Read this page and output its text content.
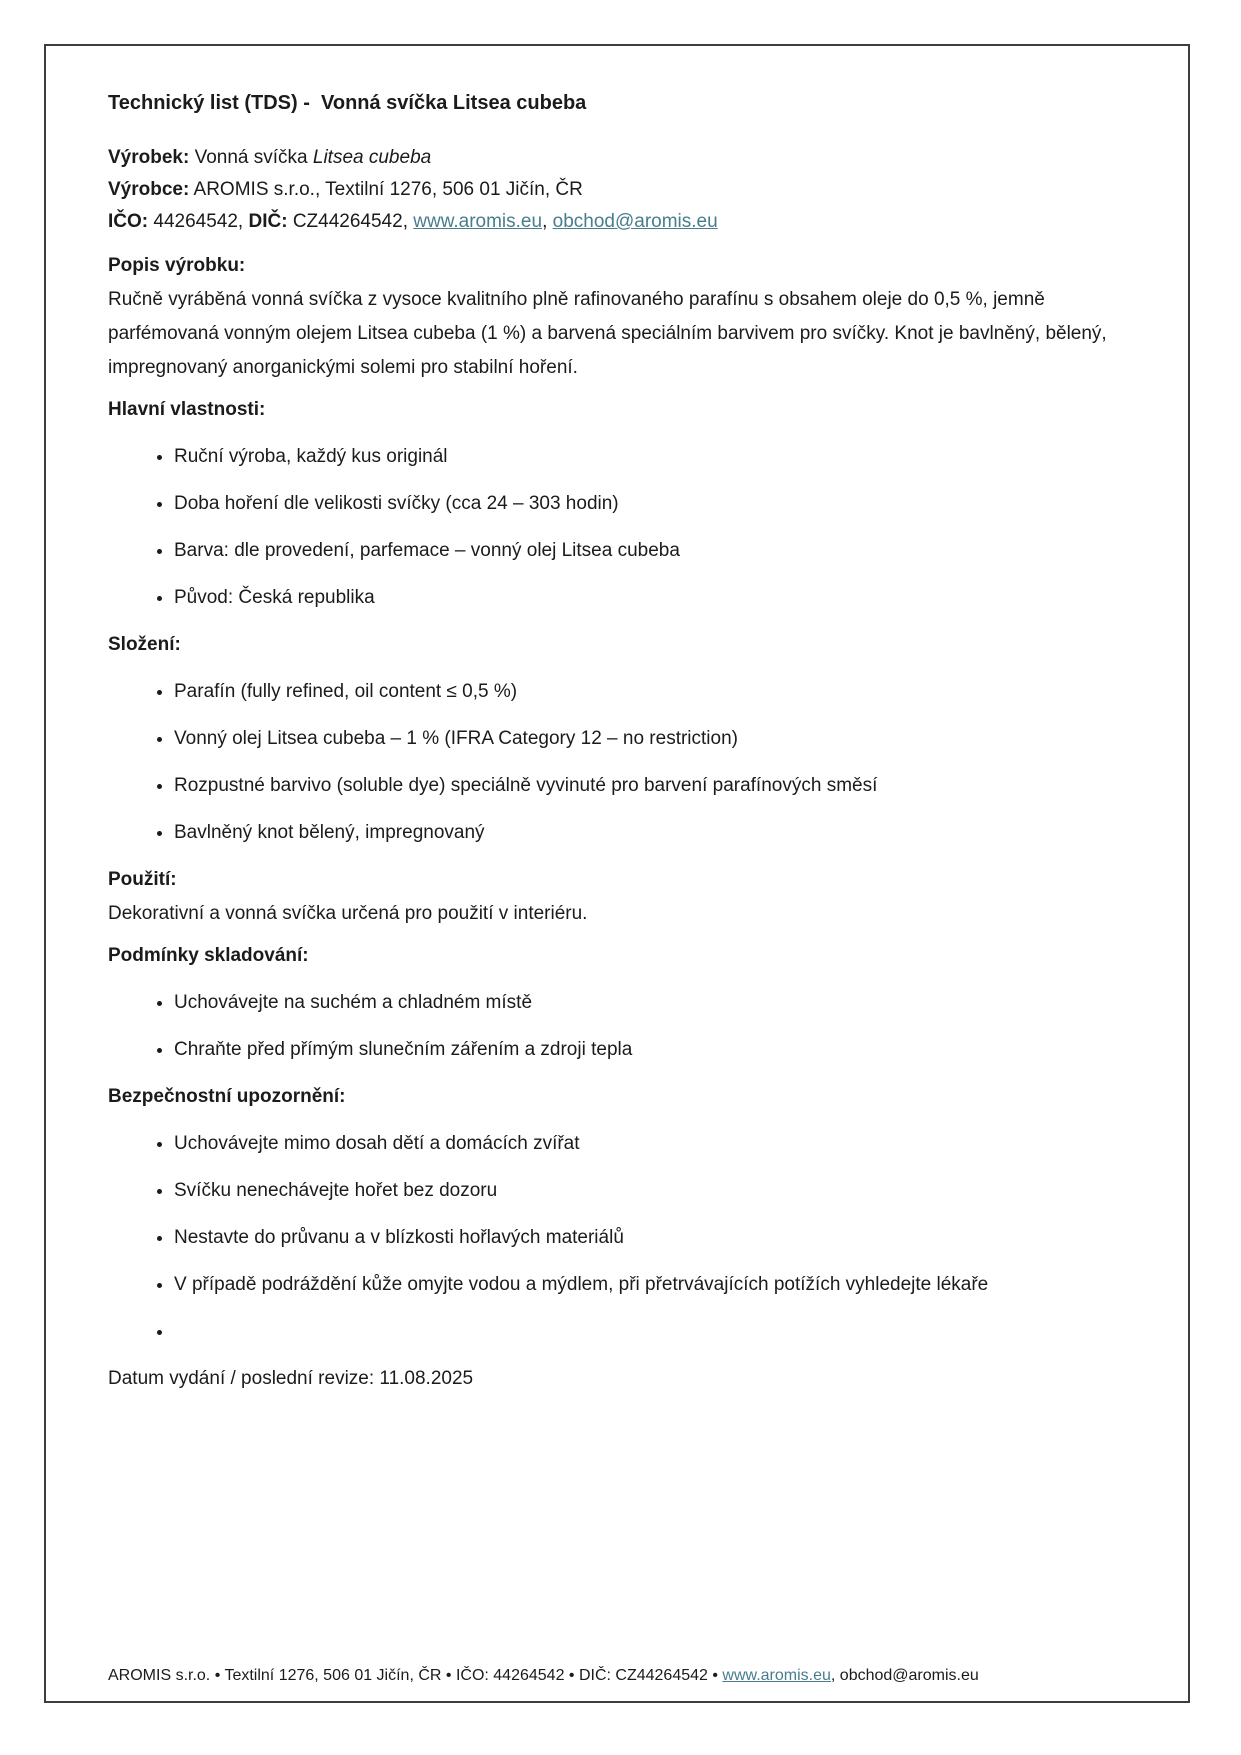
Technický list (TDS) -  Vonná svíčka Litsea cubeba

Výrobek: Vonná svíčka Litsea cubeba

Výrobce: AROMIS s.r.o., Textilní 1276, 506 01 Jičín, ČR

IČO: 44264542, DIČ: CZ44264542, www.aromis.eu, obchod@aromis.eu

Popis výrobku:

Ručně vyráběná vonná svíčka z vysoce kvalitního plně rafinovaného parafínu s obsahem oleje do 0,5 %, jemně parfémovaná vonným olejem Litsea cubeba (1 %) a barvená speciálním barvivem pro svíčky. Knot je bavlněný, bělený, impregnovaný anorganickými solemi pro stabilní hoření.

Hlavní vlastnosti:
• Ruční výroba, každý kus originál
• Doba hoření dle velikosti svíčky (cca 24 – 303 hodin)
• Barva: dle provedení, parfemace – vonný olej Litsea cubeba
• Původ: Česká republika
Složení:
• Parafín (fully refined, oil content ≤ 0,5 %)
• Vonný olej Litsea cubeba – 1 % (IFRA Category 12 – no restriction)
• Rozpustné barvivo (soluble dye) speciálně vyvinuté pro barvení parafínových směsí
• Bavlněný knot bělený, impregnovaný
Použití:

Dekorativní a vonná svíčka určená pro použití v interiéru.

Podmínky skladování:
• Uchovávejte na suchém a chladném místě
• Chraňte před přímým slunečním zářením a zdroji tepla
Bezpečnostní upozornění:
• Uchovávejte mimo dosah dětí a domácích zvířat
• Svíčku nenechávejte hořet bez dozoru
• Nestavte do průvanu a v blízkosti hořlavých materiálů
• V případě podráždění kůže omyjte vodou a mýdlem, při přetrvávajících potížích vyhledejte lékaře
•

Datum vydání / poslední revize: 11.08.2025

AROMIS s.r.o. • Textilní 1276, 506 01 Jičín, ČR • IČO: 44264542 • DIČ: CZ44264542 • www.aromis.eu, obchod@aromis.eu
